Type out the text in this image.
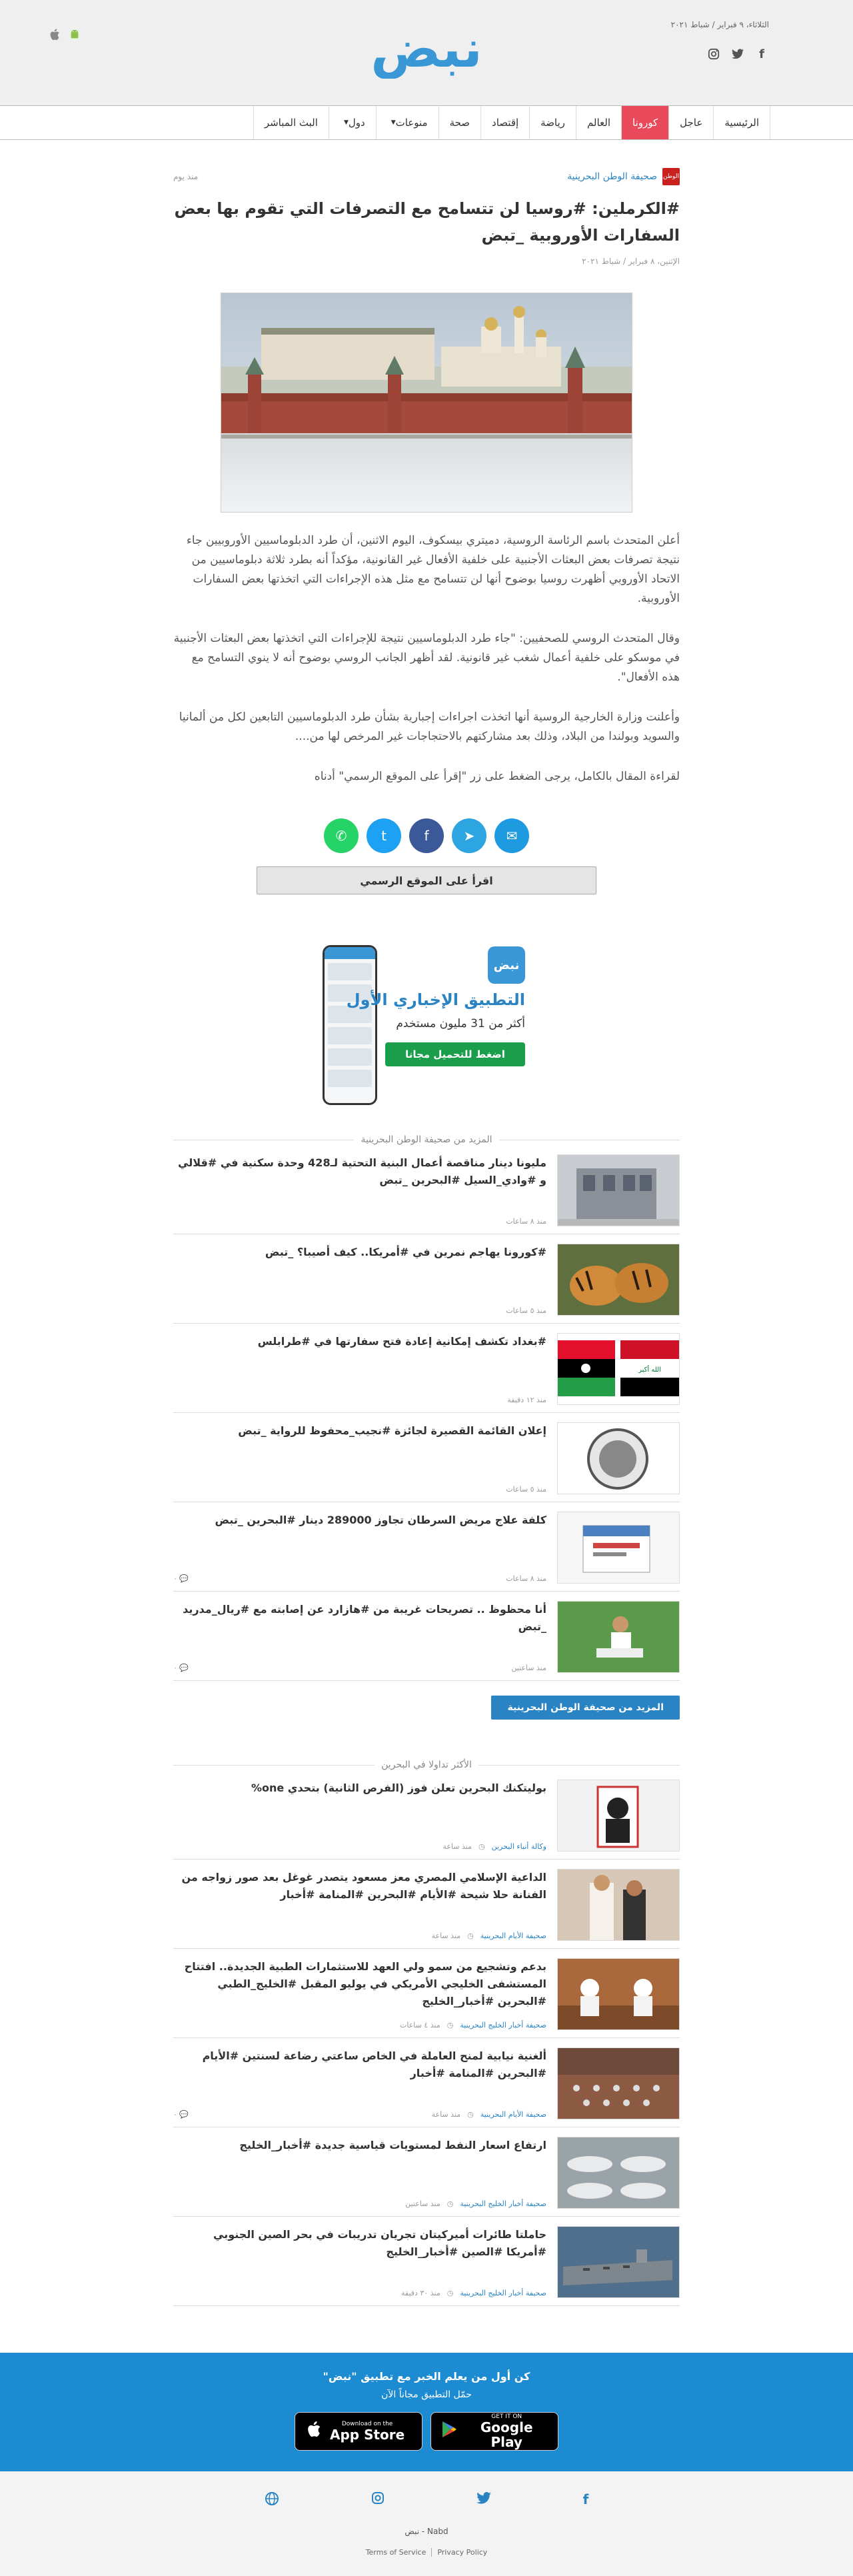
الثلاثاء، ٩ فبراير / شباط ٢٠٢١
f
نبض
الرئيسية
عاجل
كورونا
العالم
رياضة
إقتصاد
صحة
منوعات
▼
دول
▼
البث المباشر
الوطن
صحيفة الوطن البحرينية
منذ يوم
#الكرملين: #روسيا لن تتسامح مع التصرفات التي تقوم بها بعض السفارات الأوروبية _تبض
الإثنين، ٨ فبراير / شباط ٢٠٢١

أعلن المتحدث باسم الرئاسة الروسية، دميتري بيسكوف، اليوم الاثنين، أن طرد الدبلوماسيين الأوروبيين جاء نتيجة تصرفات بعض البعثات الأجنبية على خلفية الأفعال غير القانونية، مؤكداً أنه بطرد ثلاثة دبلوماسيين من الاتحاد الأوروبي أظهرت روسيا بوضوح أنها لن تتسامح مع مثل هذه الإجراءات التي اتخذتها بعض السفارات الأوروبية.

وقال المتحدث الروسي للصحفيين: "جاء طرد الدبلوماسيين نتيجة للإجراءات التي اتخذتها بعض البعثات الأجنبية في موسكو على خلفية أعمال شغب غير قانونية. لقد أظهر الجانب الروسي بوضوح أنه لا ينوي التسامح مع هذه الأفعال".

وأعلنت وزارة الخارجية الروسية أنها اتخذت اجراءات إجبارية بشأن طرد الدبلوماسيين التابعين لكل من ألمانيا والسويد وبولندا من البلاد، وذلك بعد مشاركتهم بالاحتجاجات غير المرخص لها من....

لقراءة المقال بالكامل، يرجى الضغط على زر "إقرأ على الموقع الرسمي" أدناه

✆	t	f	➤	✉
اقرأ على الموقع الرسمي
نبض
التطبيق الإخباري الأول
أكثر من 31 مليون مستخدم
اضغط للتحميل مجانا
المزيد من صحيفة الوطن البحرينية
مليونا دينار مناقصة أعمال البنية التحتية لـ428 وحدة سكنية في #قلالي و #وادي_السيل #البحرين _تبض
منذ ٨ ساعات
#كورونا يهاجم نمرين في #أمريكا.. كيف أصيبا؟ _تبض
منذ ٥ ساعات
الله أكبر
#بغداد تكشف إمكانية إعادة فتح سفارتها في #طرابلس
منذ ١٢ دقيقة
إعلان القائمة القصيرة لجائزة #نجيب_محفوظ للرواية _تبض
منذ ٥ ساعات
كلفة علاج مريض السرطان تجاوز 289000 دينار #البحرين _تبض
منذ ٨ ساعات
💬 ٠
أنا محظوظ .. تصريحات غريبة من #هازارد عن إصابته مع #ريال_مدريد _تبض
منذ ساعتين
💬 ٠
المزيد من صحيفة الوطن البحرينية
الأكثر تداولا في البحرين
بوليتكنك البحرين تعلن فوز (الفرص الثانية) بتحدي one%
وكالة أنباء البحرين
◷
منذ ساعة
الداعية الإسلامي المصري معز مسعود يتصدر غوغل بعد صور زواجه من الفنانة حلا شيحة #الأيام #البحرين #المنامة #أخبار
صحيفة الأيام البحرينية
◷
منذ ساعة
بدعم وتشجيع من سمو ولي العهد للاستثمارات الطبية الجديدة.. افتتاح المستشفى الخليجي الأمريكي في يوليو المقبل #الخليج_الطبي #البحرين #أخبار_الخليج
صحيفة أخبار الخليج البحرينية
◷
منذ ٤ ساعات
ألغنية نيابية لمنح العاملة في الخاص ساعتي رضاعة لسنتين #الأيام #البحرين #المنامة #أخبار
صحيفة الأيام البحرينية
◷
منذ ساعة
💬 ٠
ارتفاع اسعار النفط لمستويات قياسية جديدة #أخبار_الخليج
صحيفة أخبار الخليج البحرينية
◷
منذ ساعتين
حاملتا طائرات أميركيتان تجريان تدريبات في بحر الصين الجنوبي #أمريكا #الصين #أخبار_الخليج
صحيفة أخبار الخليج البحرينية
◷
منذ ٣٠ دقيقة
كن أول من يعلم الخبر مع تطبيق "نبض"
حمّل التطبيق مجاناً الآن
Download on the
App Store
GET IT ON
Google Play
f
Nabd - نبض
Terms of Service Privacy Policy
